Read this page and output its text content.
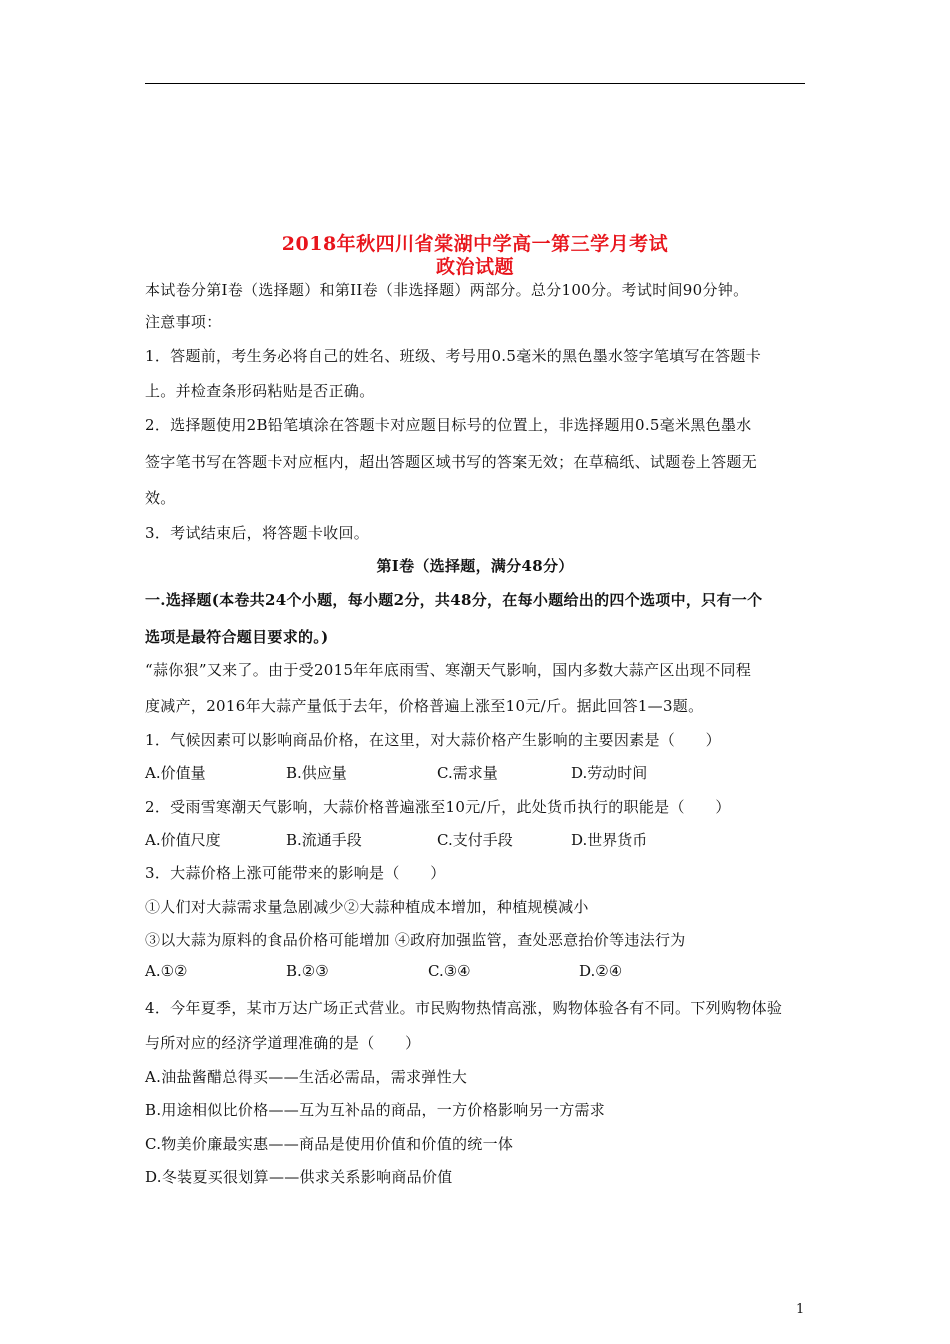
2018年秋四川省棠湖中学高一第三学月考试
政治试题
本试卷分第Ⅰ卷（选择题）和第II卷（非选择题）两部分。总分100分。考试时间90分钟。
注意事项：
1．答题前，考生务必将自己的姓名、班级、考号用0.5毫米的黑色墨水签字笔填写在答题卡
上。并检查条形码粘贴是否正确。
2．选择题使用2B铅笔填涂在答题卡对应题目标号的位置上，非选择题用0.5毫米黑色墨水
签字笔书写在答题卡对应框内，超出答题区域书写的答案无效；在草稿纸、试题卷上答题无
效。
3．考试结束后，将答题卡收回。
第Ⅰ卷（选择题，满分48分）
一.选择题(本卷共24个小题，每小题2分，共48分，在每小题给出的四个选项中，只有一个
选项是最符合题目要求的。)
“蒜你狠”又来了。由于受2015年年底雨雪、寒潮天气影响，国内多数大蒜产区出现不同程
度减产，2016年大蒜产量低于去年，价格普遍上涨至10元/斤。据此回答1—3题。
1．气候因素可以影响商品价格，在这里，对大蒜价格产生影响的主要因素是（　　）
A.价值量	B.供应量	C.需求量	D.劳动时间
2．受雨雪寒潮天气影响，大蒜价格普遍涨至10元/斤，此处货币执行的职能是（　　）
A.价值尺度	B.流通手段	C.支付手段	D.世界货币
3．大蒜价格上涨可能带来的影响是（　　）
①人们对大蒜需求量急剧减少②大蒜种植成本增加，种植规模减小
③以大蒜为原料的食品价格可能增加 ④政府加强监管，查处恶意抬价等违法行为
A.①②	B.②③	C.③④	D.②④
4．今年夏季，某市万达广场正式营业。市民购物热情高涨，购物体验各有不同。下列购物体验
与所对应的经济学道理准确的是（　　）
A.油盐酱醋总得买——生活必需品，需求弹性大
B.用途相似比价格——互为互补品的商品，一方价格影响另一方需求
C.物美价廉最实惠——商品是使用价值和价值的统一体
D.冬装夏买很划算——供求关系影响商品价值
1
